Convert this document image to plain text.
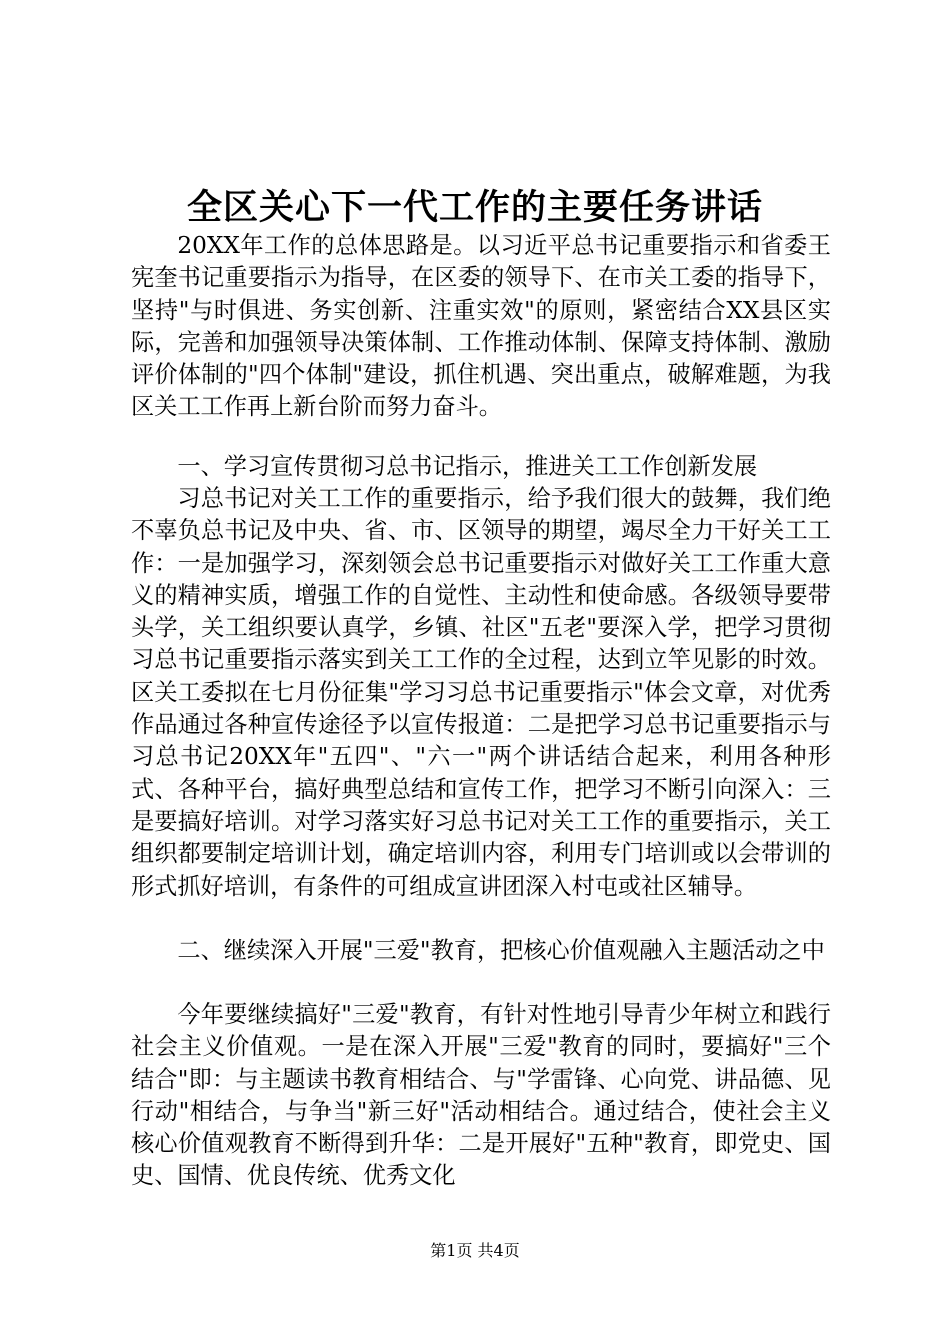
全区关心下一代工作的主要任务讲话

20XX年工作的总体思路是。以习近平总书记重要指示和省委王宪奎书记重要指示为指导，在区委的领导下、在市关工委的指导下，坚持"与时俱进、务实创新、注重实效"的原则，紧密结合XX县区实际，完善和加强领导决策体制、工作推动体制、保障支持体制、激励评价体制的"四个体制"建设，抓住机遇、突出重点，破解难题，为我区关工工作再上新台阶而努力奋斗。

一、学习宣传贯彻习总书记指示，推进关工工作创新发展

习总书记对关工工作的重要指示，给予我们很大的鼓舞，我们绝不辜负总书记及中央、省、市、区领导的期望，竭尽全力干好关工工作：一是加强学习，深刻领会总书记重要指示对做好关工工作重大意义的精神实质，增强工作的自觉性、主动性和使命感。各级领导要带头学，关工组织要认真学，乡镇、社区"五老"要深入学，把学习贯彻习总书记重要指示落实到关工工作的全过程，达到立竿见影的时效。区关工委拟在七月份征集"学习习总书记重要指示"体会文章，对优秀作品通过各种宣传途径予以宣传报道：二是把学习总书记重要指示与习总书记20XX年"五四"、"六一"两个讲话结合起来，利用各种形式、各种平台，搞好典型总结和宣传工作，把学习不断引向深入：三是要搞好培训。对学习落实好习总书记对关工工作的重要指示，关工组织都要制定培训计划，确定培训内容，利用专门培训或以会带训的形式抓好培训，有条件的可组成宣讲团深入村屯或社区辅导。

二、继续深入开展"三爱"教育，把核心价值观融入主题活动之中

今年要继续搞好"三爱"教育，有针对性地引导青少年树立和践行社会主义价值观。一是在深入开展"三爱"教育的同时，要搞好"三个结合"即：与主题读书教育相结合、与"学雷锋、心向党、讲品德、见行动"相结合，与争当"新三好"活动相结合。通过结合，使社会主义核心价值观教育不断得到升华：二是开展好"五种"教育，即党史、国史、国情、优良传统、优秀文化

第1页 共4页
